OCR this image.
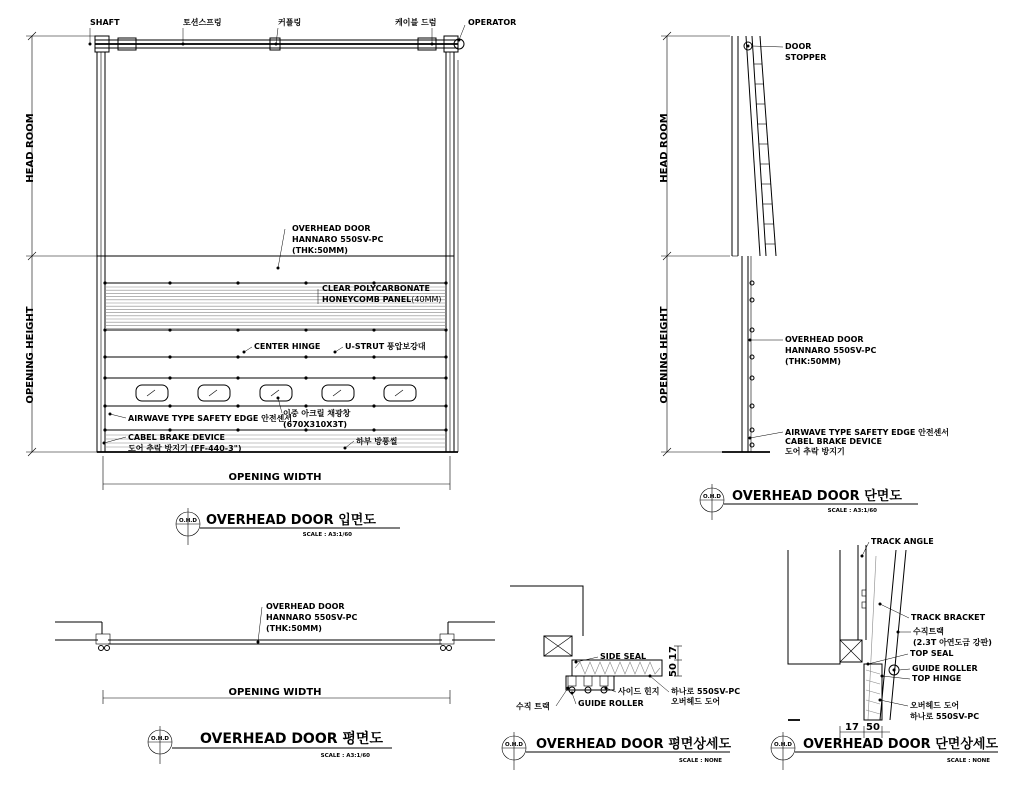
HEAD ROOM
OPENING HEIGHT
OPENING WIDTH
SHAFT	토션스프링	커플링	케이블 드럼	OPERATOR
OVERHEAD DOOR
HANNARO 550SV-PC
(THK:50MM)
CLEAR POLYCARBONATE
HONEYCOMB PANEL(40MM)
CENTER HINGE	U-STRUT 풍압보강대
AIRWAVE TYPE SAFETY EDGE 안전센서
이중 아크릴 채광창
(670X310X3T)
CABEL BRAKE DEVICE
도어 추락 방지기 (FF-440-3")
하부 방풍씰
O.H.D OVERHEAD DOOR 입면도
SCALE : A3:1/60
HEAD ROOM
OPENING HEIGHT
DOOR
STOPPER
OVERHEAD DOOR
HANNARO 550SV-PC
(THK:50MM)
AIRWAVE TYPE SAFETY EDGE 안전센서
CABEL BRAKE DEVICE
도어 추락 방지기
O.H.D OVERHEAD DOOR 단면도
SCALE : A3:1/60
OVERHEAD DOOR
HANNARO 550SV-PC
(THK:50MM)
OPENING WIDTH
O.H.D OVERHEAD DOOR 평면도
SCALE : A3:1/60
50
17
SIDE SEAL
수직 트랙
사이드 힌지
GUIDE ROLLER
하나로 550SV-PC
오버헤드 도어
O.H.D OVERHEAD DOOR 평면상세도
SCALE : NONE
17 50
TRACK ANGLE
TRACK BRACKET
수직트랙
(2.3T 아연도금 강판)
TOP SEAL
GUIDE ROLLER
TOP HINGE
오버헤드 도어
하나로 550SV-PC
O.H.D OVERHEAD DOOR 단면상세도
SCALE : NONE
